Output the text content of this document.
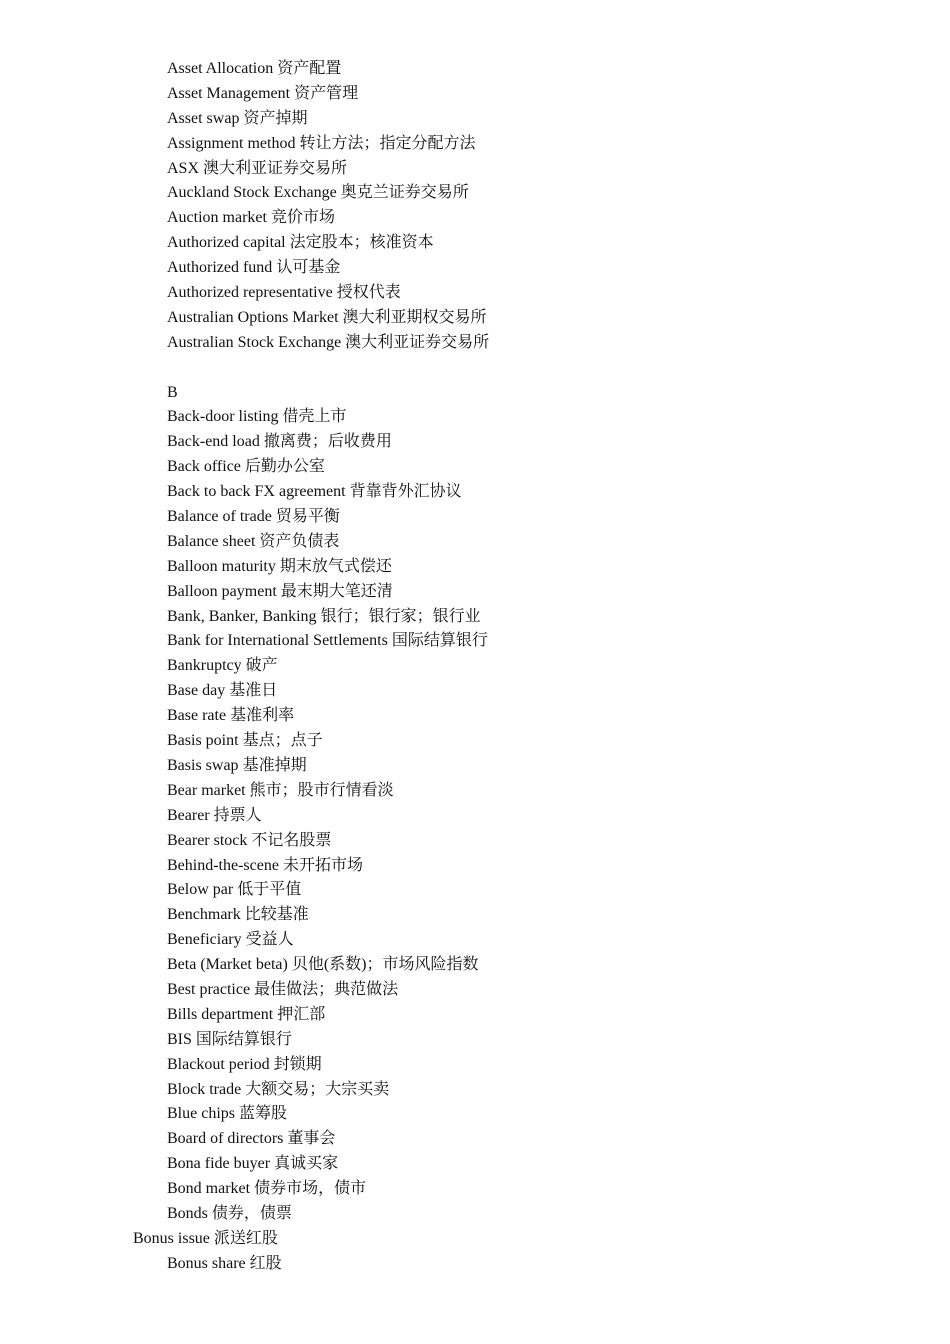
Asset Allocation 资产配置
Asset Management 资产管理
Asset swap 资产掉期
Assignment method 转让方法；指定分配方法
ASX 澳大利亚证券交易所
Auckland Stock Exchange 奥克兰证券交易所
Auction market 竞价市场
Authorized capital 法定股本；核准资本
Authorized fund 认可基金
Authorized representative 授权代表
Australian Options Market 澳大利亚期权交易所
Australian Stock Exchange 澳大利亚证券交易所
B
Back-door listing 借壳上市
Back-end load 撤离费；后收费用
Back office 后勤办公室
Back to back FX agreement 背靠背外汇协议
Balance of trade 贸易平衡
Balance sheet 资产负债表
Balloon maturity 期末放气式偿还
Balloon payment 最末期大笔还清
Bank, Banker, Banking 银行；银行家；银行业
Bank for International Settlements 国际结算银行
Bankruptcy 破产
Base day 基准日
Base rate 基准利率
Basis point 基点；点子
Basis swap 基准掉期
Bear market 熊市；股市行情看淡
Bearer 持票人
Bearer stock 不记名股票
Behind-the-scene 未开拓市场
Below par 低于平值
Benchmark 比较基准
Beneficiary 受益人
Beta (Market beta) 贝他(系数)；市场风险指数
Best practice 最佳做法；典范做法
Bills department 押汇部
BIS 国际结算银行
Blackout period 封锁期
Block trade 大额交易；大宗买卖
Blue chips 蓝筹股
Board of directors 董事会
Bona fide buyer 真诚买家
Bond market 债券市场，债市
Bonds 债券，债票
Bonus issue 派送红股
Bonus share 红股
